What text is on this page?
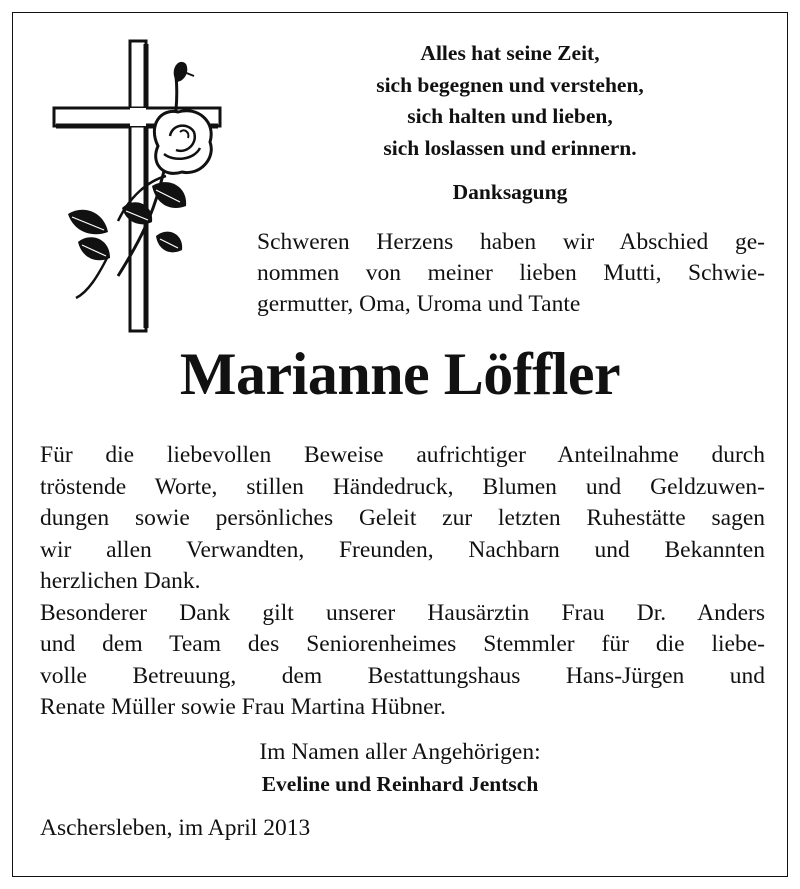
Alles hat seine Zeit,
sich begegnen und verstehen,
sich halten und lieben,
sich loslassen und erinnern.
Danksagung
Schweren Herzens haben wir Abschied ge-
nommen von meiner lieben Mutti, Schwie-
germutter, Oma, Uroma und Tante
Marianne Löffler
Für die liebevollen Beweise aufrichtiger Anteilnahme durch
tröstende Worte, stillen Händedruck, Blumen und Geldzuwen-
dungen sowie persönliches Geleit zur letzten Ruhestätte sagen
wir allen Verwandten, Freunden, Nachbarn und Bekannten
herzlichen Dank.
Besonderer Dank gilt unserer Hausärztin Frau Dr. Anders
und dem Team des Seniorenheimes Stemmler für die liebe-
volle Betreuung, dem Bestattungshaus Hans-Jürgen und
Renate Müller sowie Frau Martina Hübner.
Im Namen aller Angehörigen:
Eveline und Reinhard Jentsch
Aschersleben, im April 2013
